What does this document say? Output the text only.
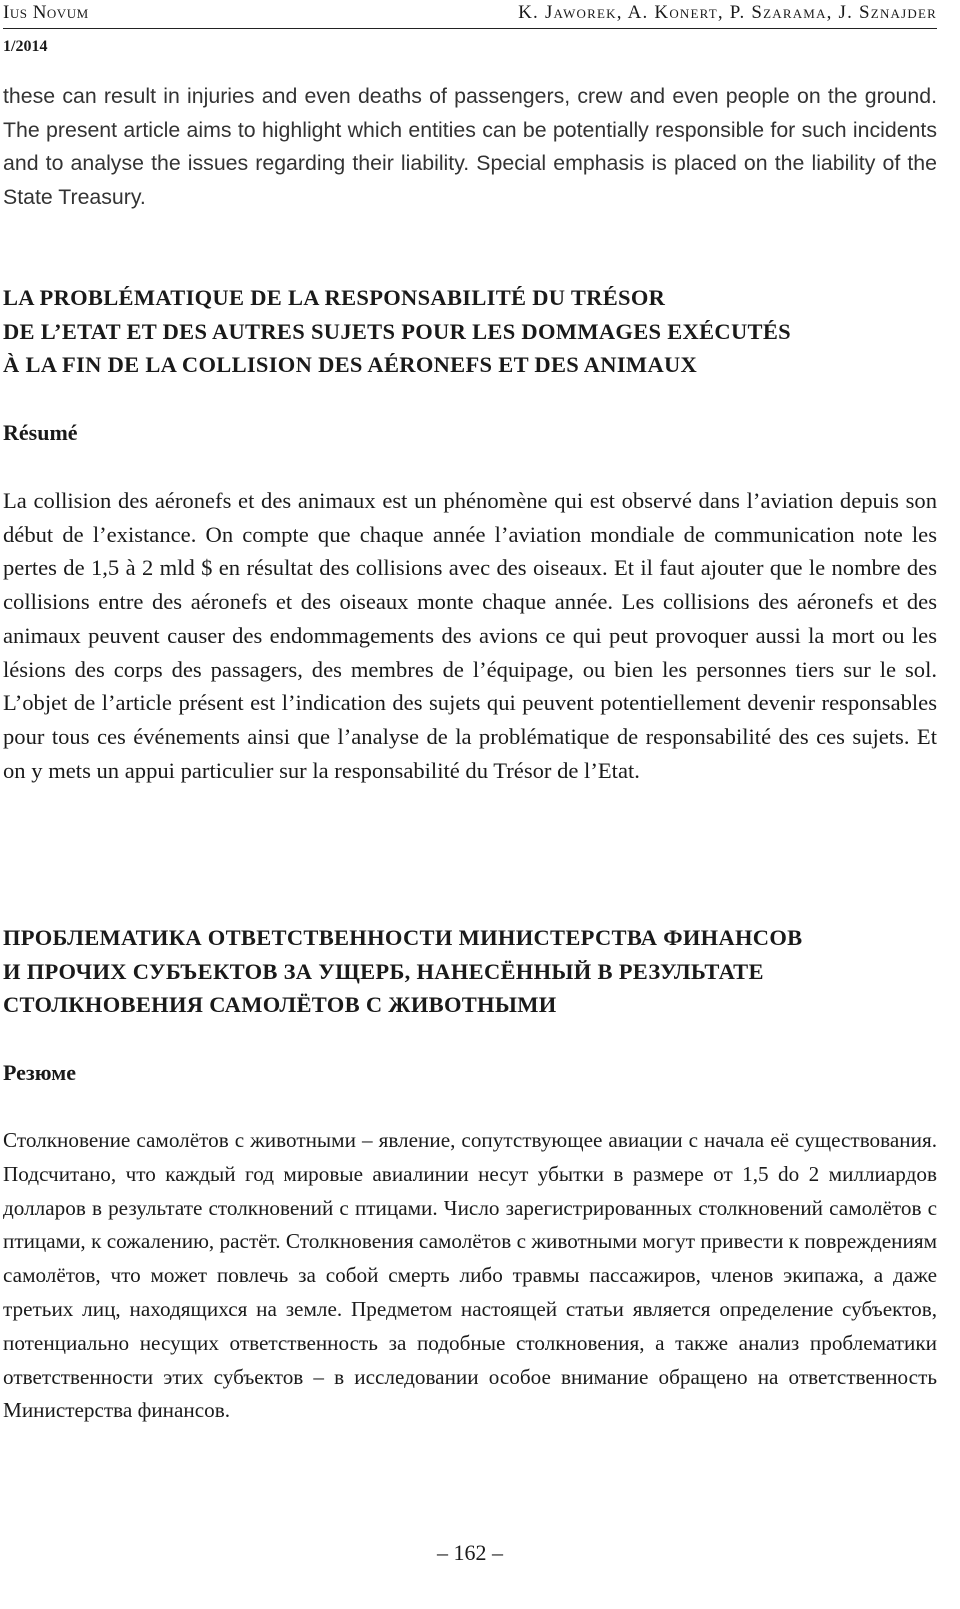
Ius Novum	K. Jaworek, A. Konert, P. Szarama, J. Sznajder
1/2014

these can result in injuries and even deaths of passengers, crew and even people on the ground. The present article aims to highlight which entities can be potentially responsible for such incidents and to analyse the issues regarding their liability. Special emphasis is placed on the liability of the State Treasury.

LA PROBLÉMATIQUE DE LA RESPONSABILITÉ DU TRÉSOR
DE L’ETAT ET DES AUTRES SUJETS POUR LES DOMMAGES EXÉCUTÉS
À LA FIN DE LA COLLISION DES AÉRONEFS ET DES ANIMAUX
Résumé

La collision des aéronefs et des animaux est un phénomène qui est observé dans l’aviation depuis son début de l’existance. On compte que chaque année l’aviation mondiale de communication note les pertes de 1,5 à 2 mld $ en résultat des collisions avec des oiseaux. Et il faut ajouter que le nombre des collisions entre des aéronefs et des oiseaux monte chaque année. Les collisions des aéronefs et des animaux peuvent causer des endommagements des avions ce qui peut provoquer aussi la mort ou les lésions des corps des passagers, des membres de l’équipage, ou bien les personnes tiers sur le sol. L’objet de l’article présent est l’indication des sujets qui peuvent potentiellement devenir responsables pour tous ces événements ainsi que l’analyse de la problématique de responsabilité des ces sujets. Et on y mets un appui particulier sur la responsabilité du Trésor de l’Etat.

ПРОБЛЕМАТИКА ОТВЕТСТВЕННОСТИ МИНИСТЕРСТВА ФИНАНСОВ
И ПРОЧИХ СУБЪЕКТОВ ЗА УЩЕРБ, НАНЕСЁННЫЙ В РЕЗУЛЬТАТЕ
СТОЛКНОВЕНИЯ САМОЛЁТОВ С ЖИВОТНЫМИ
Резюме

Столкновение самолётов с животными – явление, сопутствующее авиации с начала её существования. Подсчитано, что каждый год мировые авиалинии несут убытки в размере от 1,5 do 2 миллиардов долларов в результате столкновений с птицами. Число зарегистрированных столкновений самолётов с птицами, к сожалению, растёт. Столкновения самолётов с животными могут привести к повреждениям самолётов, что может повлечь за собой смерть либо травмы пассажиров, членов экипажа, а даже третьих лиц, находящихся на земле. Предметом настоящей статьи является определение субъектов, потенциально несущих ответственность за подобные столкновения, а также анализ проблематики ответственности этих субъектов – в исследовании особое внимание обращено на ответственность Министерства финансов.

– 162 –
